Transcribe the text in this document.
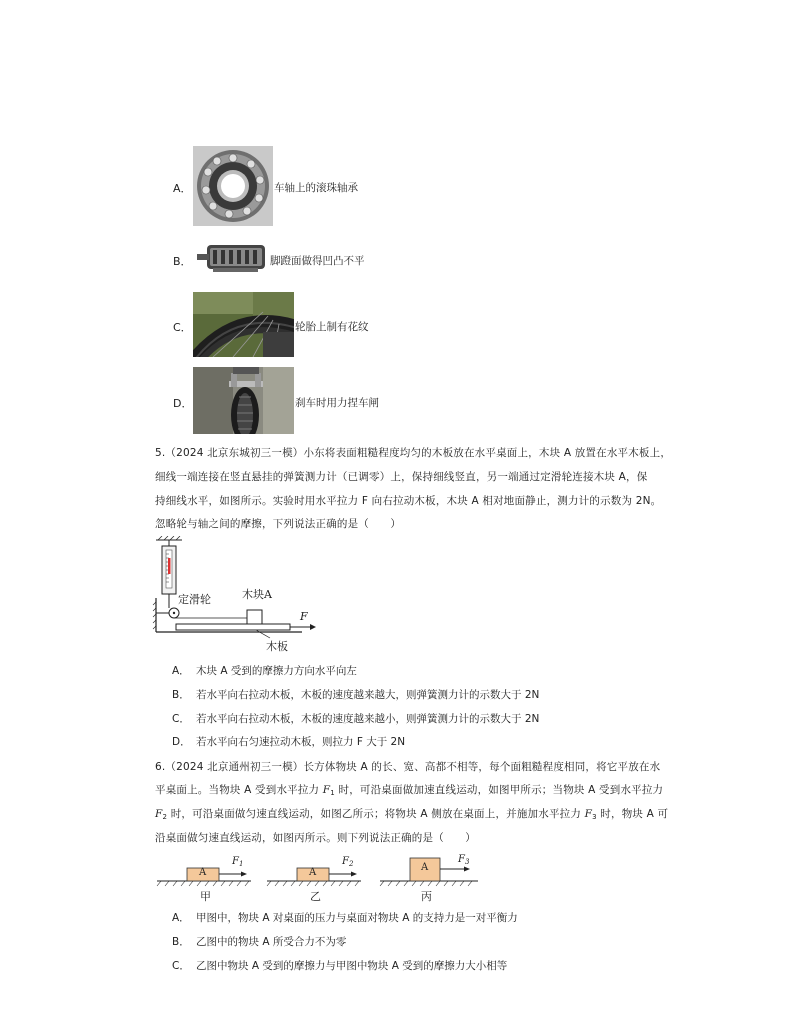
A．	车轴上的滚珠轴承
B．	脚蹬面做得凹凸不平
C．	轮胎上制有花纹
D．	刹车时用力捏车闸
5.（2024 北京东城初三一模）小东将表面粗糙程度均匀的木板放在水平桌面上，木块 A 放置在水平木板上，
细线一端连接在竖直悬挂的弹簧测力计（已调零）上，保持细线竖直，另一端通过定滑轮连接木块 A，保
持细线水平，如图所示。实验时用水平拉力 F 向右拉动木板，木块 A 相对地面静止，测力计的示数为 2N。
忽略轮与轴之间的摩擦，下列说法正确的是（　　）
定滑轮	木块A
F
木板
A． 木块 A 受到的摩擦力方向水平向左
B． 若水平向右拉动木板，木板的速度越来越大，则弹簧测力计的示数大于 2N
C． 若水平向右拉动木板，木板的速度越来越小，则弹簧测力计的示数大于 2N
D． 若水平向右匀速拉动木板，则拉力 F 大于 2N
6.（2024 北京通州初三一模）长方体物块 A 的长、宽、高都不相等，每个面粗糙程度相同，将它平放在水
平桌面上。当物块 A 受到水平拉力 $F_1$ 时，可沿桌面做加速直线运动，如图甲所示；当物块 A 受到水平拉力
$F_2$ 时，可沿桌面做匀速直线运动，如图乙所示；将物块 A 侧放在桌面上，并施加水平拉力 $F_3$ 时，物块 A 可
沿桌面做匀速直线运动，如图丙所示。则下列说法正确的是（　　）
A
$F_1$
甲
A
$F_2$
乙
A
$F_3$
丙
A． 甲图中，物块 A 对桌面的压力与桌面对物块 A 的支持力是一对平衡力
B． 乙图中的物块 A 所受合力不为零
C． 乙图中物块 A 受到的摩擦力与甲图中物块 A 受到的摩擦力大小相等
